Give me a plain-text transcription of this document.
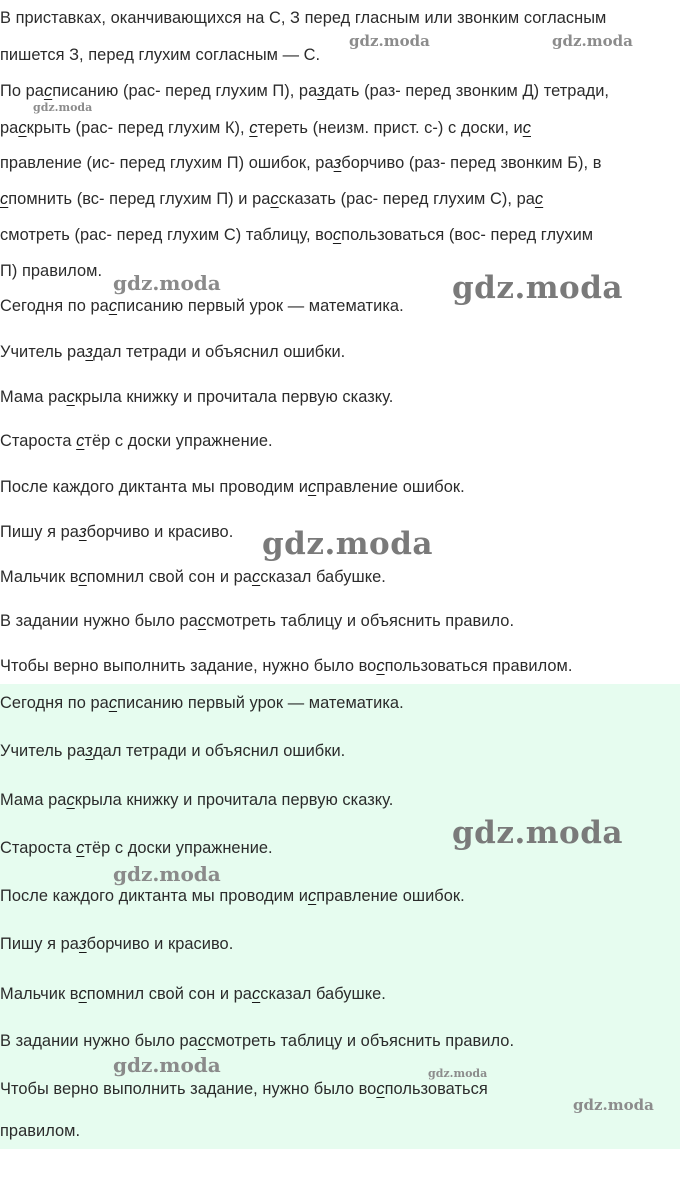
В приставках, оканчивающихся на С, З перед гласным или звонким согласным
пишется З, перед глухим согласным — С.
По расписанию (рас- перед глухим П), раздать (раз- перед звонким Д) тетради,
раскрыть (рас- перед глухим К), стереть (неизм. прист. с-) с доски, ис
правление (ис- перед глухим П) ошибок, разборчиво (раз- перед звонким Б), в
спомнить (вс- перед глухим П) и рассказать (рас- перед глухим С), рас
смотреть (рас- перед глухим С) таблицу, воспользоваться (вос- перед глухим
П) правилом.
Сегодня по расписанию первый урок — математика.
Учитель раздал тетради и объяснил ошибки.
Мама раскрыла книжку и прочитала первую сказку.
Староста стёр с доски упражнение.
После каждого диктанта мы проводим исправление ошибок.
Пишу я разборчиво и красиво.
Мальчик вспомнил свой сон и рассказал бабушке.
В задании нужно было рассмотреть таблицу и объяснить правило.
Чтобы верно выполнить задание, нужно было воспользоваться правилом.
Сегодня по расписанию первый урок — математика.
Учитель раздал тетради и объяснил ошибки.
Мама раскрыла книжку и прочитала первую сказку.
Староста стёр с доски упражнение.
После каждого диктанта мы проводим исправление ошибок.
Пишу я разборчиво и красиво.
Мальчик вспомнил свой сон и рассказал бабушке.
В задании нужно было рассмотреть таблицу и объяснить правило.
Чтобы верно выполнить задание, нужно было воспользоваться
правилом.
gdz.moda	gdz.moda
gdz.moda
gdz.moda	gdz.moda
gdz.moda
gdz.moda
gdz.moda
gdz.moda	gdz.moda
gdz.moda
